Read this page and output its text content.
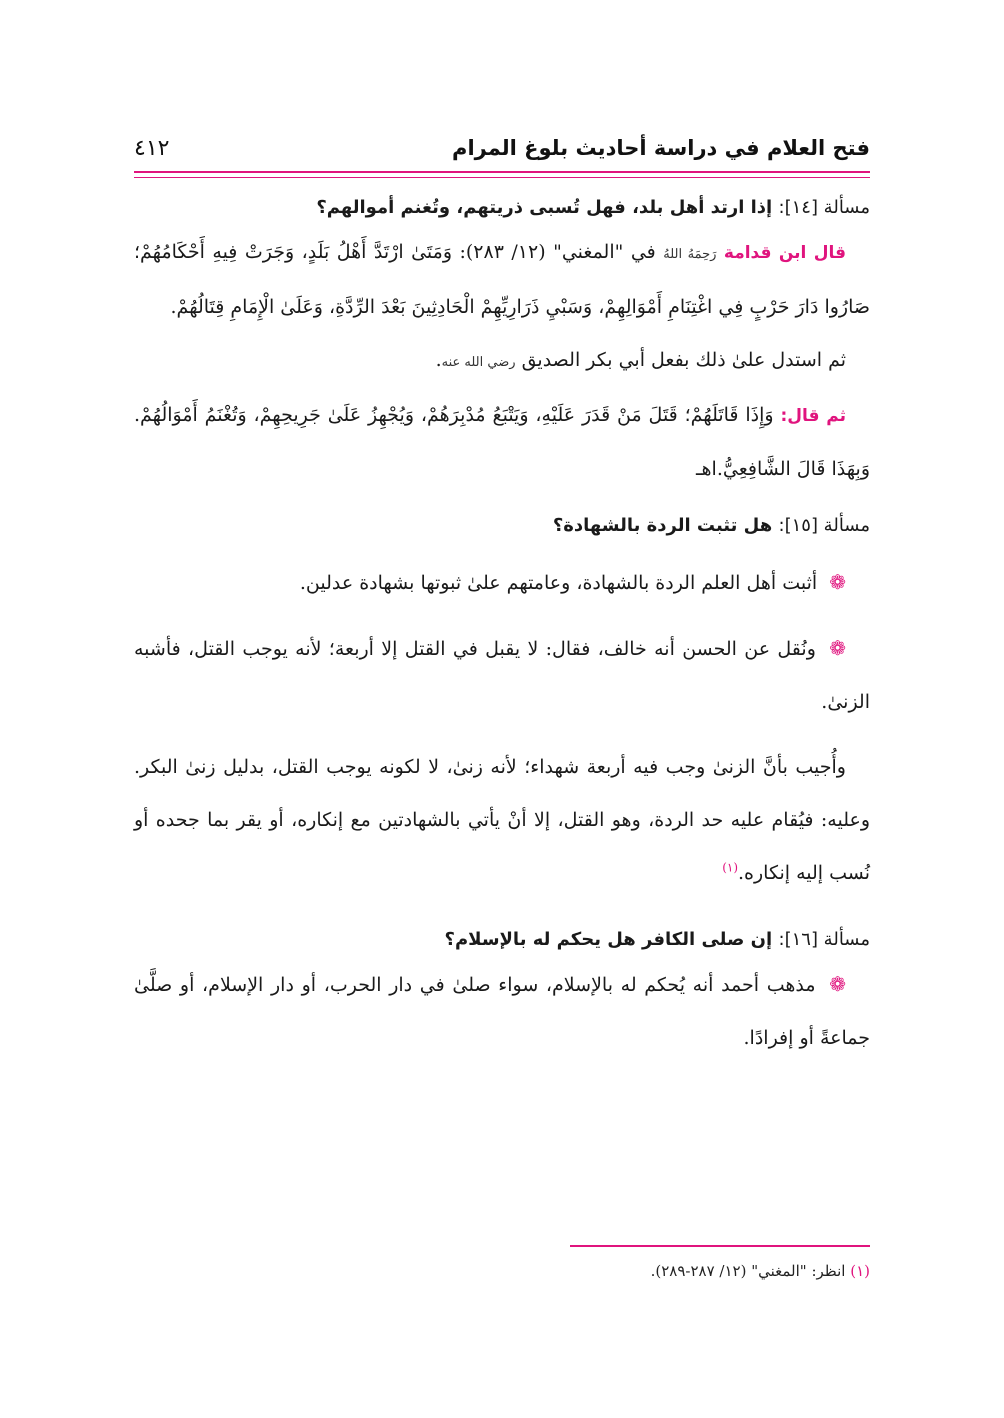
فتح العلام في دراسة أحاديث بلوغ المرام
٤١٢
مسألة [١٤]: إذا ارتد أهل بلد، فهل تُسبى ذريتهم، وتُغنم أموالهم؟

قال ابن قدامة رَحِمَهُ اللهُ في "المغني" (١٢/ ٢٨٣): وَمَتَىٰ ارْتَدَّ أَهْلُ بَلَدٍ، وَجَرَتْ فِيهِ أَحْكَامُهُمْ؛ صَارُوا دَارَ حَرْبٍ فِي اغْتِنَامِ أَمْوَالِهِمْ، وَسَبْيِ ذَرَارِيِّهِمْ الْحَادِثِينَ بَعْدَ الرِّدَّةِ، وَعَلَىٰ الْإِمَامِ قِتَالُهُمْ.

ثم استدل علىٰ ذلك بفعل أبي بكر الصديق رضي الله عنه.

ثم قال: وَإِذَا قَاتَلَهُمْ؛ قَتَلَ مَنْ قَدَرَ عَلَيْهِ، وَيَتْبَعُ مُدْبِرَهُمْ، وَيُجْهِزُ عَلَىٰ جَرِيحِهِمْ، وَتُغْنَمُ أَمْوَالُهُمْ. وَبِهَذَا قَالَ الشَّافِعِيُّ.اهـ

مسألة [١٥]: هل تثبت الردة بالشهادة؟

❁ أثبت أهل العلم الردة بالشهادة، وعامتهم علىٰ ثبوتها بشهادة عدلين.

❁ ونُقل عن الحسن أنه خالف، فقال: لا يقبل في القتل إلا أربعة؛ لأنه يوجب القتل، فأشبه الزنىٰ.

وأُجيب بأنَّ الزنىٰ وجب فيه أربعة شهداء؛ لأنه زنىٰ، لا لكونه يوجب القتل، بدليل زنىٰ البكر. وعليه: فيُقام عليه حد الردة، وهو القتل، إلا أنْ يأتي بالشهادتين مع إنكاره، أو يقر بما جحده أو نُسب إليه إنكاره.$^{(١)}$

مسألة [١٦]: إن صلى الكافر هل يحكم له بالإسلام؟

❁ مذهب أحمد أنه يُحكم له بالإسلام، سواء صلىٰ في دار الحرب، أو دار الإسلام، أو صلَّىٰ جماعةً أو إفرادًا.

(١) انظر: "المغني" (١٢/ ٢٨٧-٢٨٩).
